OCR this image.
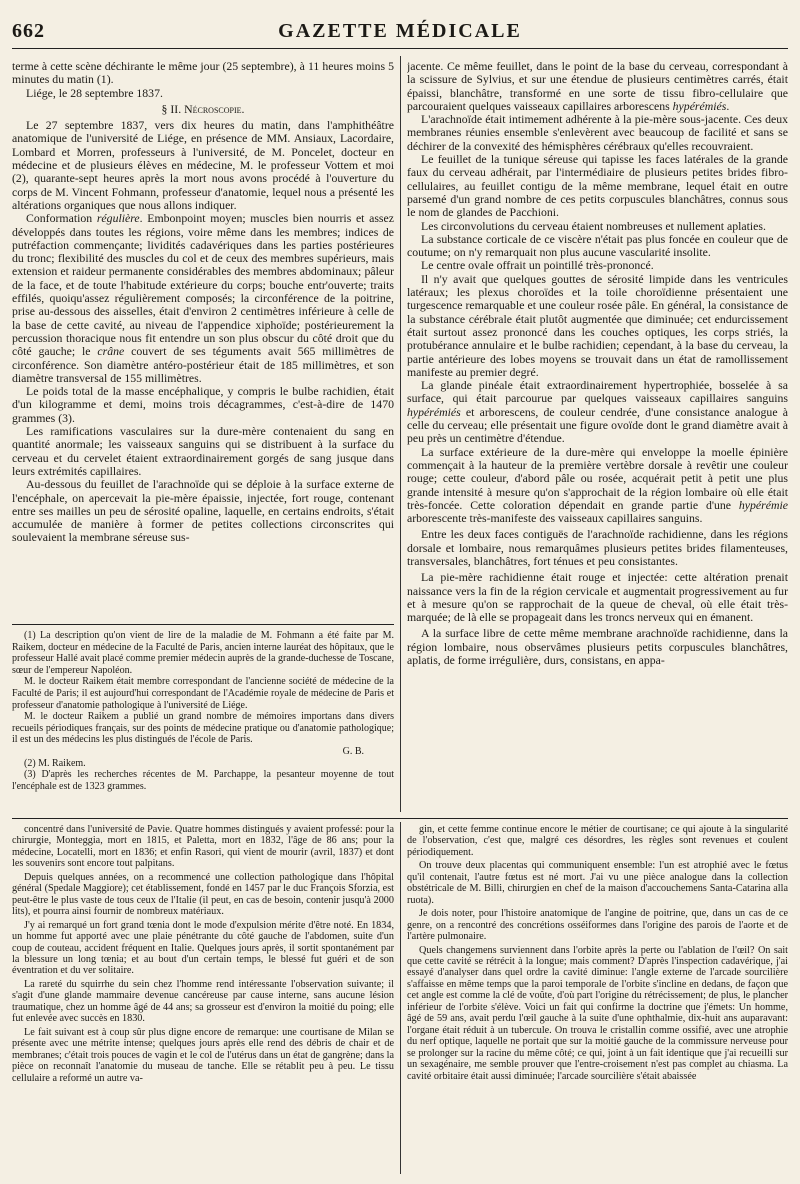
GAZETTE MÉDICALE
662

terme à cette scène déchirante le même jour (25 septembre), à 11 heures moins 5 minutes du matin (1).

Liége, le 28 septembre 1837.

§ II. Nécroscopie.

Le 27 septembre 1837, vers dix heures du matin, dans l'amphithéâtre anatomique de l'université de Liége, en présence de MM. Ansiaux, Lacordaire, Lombard et Morren, professeurs à l'université, de M. Poncelet, docteur en médecine et de plusieurs élèves en médecine, M. le professeur Vottem et moi (2), quarante-sept heures après la mort nous avons procédé à l'ouverture du corps de M. Vincent Fohmann, professeur d'anatomie, lequel nous a présenté les altérations organiques que nous allons indiquer.

Conformation régulière. Embonpoint moyen; muscles bien nourris et assez développés dans toutes les régions, voire même dans les membres; indices de putréfaction commençante; lividités cadavériques dans les parties postérieures du tronc; flexibilité des muscles du col et de ceux des membres supérieurs, mais extension et raideur permanente considérables des membres abdominaux; pâleur de la face, et de toute l'habitude extérieure du corps; bouche entr'ouverte; traits effilés, quoiqu'assez régulièrement composés; la circonférence de la poitrine, prise au-dessous des aisselles, était d'environ 2 centimètres inférieure à celle de la base de cette cavité, au niveau de l'appendice xiphoïde; postérieurement la percussion thoracique nous fit entendre un son plus obscur du côté droit que du côté gauche; le crâne couvert de ses téguments avait 565 millimètres de circonférence. Son diamètre antéro-postérieur était de 185 millimètres, et son diamètre transversal de 155 millimètres.

Le poids total de la masse encéphalique, y compris le bulbe rachidien, était d'un kilogramme et demi, moins trois décagrammes, c'est-à-dire de 1470 grammes (3).

Les ramifications vasculaires sur la dure-mère contenaient du sang en quantité anormale; les vaisseaux sanguins qui se distribuent à la surface du cerveau et du cervelet étaient extraordinairement gorgés de sang jusque dans leurs extrémités capillaires.

Au-dessous du feuillet de l'arachnoïde qui se déploie à la surface externe de l'encéphale, on apercevait la pie-mère épaissie, injectée, fort rouge, contenant entre ses mailles un peu de sérosité opaline, laquelle, en certains endroits, s'était accumulée de manière à former de petites collections circonscrites qui soulevaient la membrane séreuse sus-

(1) La description qu'on vient de lire de la maladie de M. Fohmann a été faite par M. Raikem, docteur en médecine de la Faculté de Paris, ancien interne lauréat des hôpitaux, que le professeur Hallé avait placé comme premier médecin auprès de la grande-duchesse de Toscane, sœur de l'empereur Napoléon.

M. le docteur Raikem était membre correspondant de l'ancienne société de médecine de la Faculté de Paris; il est aujourd'hui correspondant de l'Académie royale de médecine de Paris et professeur d'anatomie pathologique à l'université de Liége.

M. le docteur Raikem a publié un grand nombre de mémoires importans dans divers recueils périodiques français, sur des points de médecine pratique ou d'anatomie pathologique; il est un des médecins les plus distingués de l'école de Paris.

G. B.

(2) M. Raikem.

(3) D'après les recherches récentes de M. Parchappe, la pesanteur moyenne de tout l'encéphale est de 1323 grammes.

jacente. Ce même feuillet, dans le point de la base du cerveau, correspondant à la scissure de Sylvius, et sur une étendue de plusieurs centimètres carrés, était épaissi, blanchâtre, transformé en une sorte de tissu fibro-cellulaire que parcouraient quelques vaisseaux capillaires arborescens hypérémiés.

L'arachnoïde était intimement adhérente à la pie-mère sous-jacente. Ces deux membranes réunies ensemble s'enlevèrent avec beaucoup de facilité et sans se déchirer de la convexité des hémisphères cérébraux qu'elles recouvraient.

Le feuillet de la tunique séreuse qui tapisse les faces latérales de la grande faux du cerveau adhérait, par l'intermédiaire de plusieurs petites brides fibro-cellulaires, au feuillet contigu de la même membrane, lequel était en outre parsemé d'un grand nombre de ces petits corpuscules blanchâtres, connus sous le nom de glandes de Pacchioni.

Les circonvolutions du cerveau étaient nombreuses et nullement aplaties.

La substance corticale de ce viscère n'était pas plus foncée en couleur que de coutume; on n'y remarquait non plus aucune vascularité insolite.

Le centre ovale offrait un pointillé très-prononcé.

Il n'y avait que quelques gouttes de sérosité limpide dans les ventricules latéraux; les plexus choroïdes et la toile choroïdienne présentaient une turgescence remarquable et une couleur rosée pâle. En général, la consistance de la substance cérébrale était plutôt augmentée que diminuée; cet endurcissement était surtout assez prononcé dans les couches optiques, les corps striés, la protubérance annulaire et le bulbe rachidien; cependant, à la base du cerveau, la partie antérieure des lobes moyens se trouvait dans un état de ramollissement manifeste au premier degré.

La glande pinéale était extraordinairement hypertrophiée, bosselée à sa surface, qui était parcourue par quelques vaisseaux capillaires sanguins hypérémiés et arborescens, de couleur cendrée, d'une consistance analogue à celle du cerveau; elle présentait une figure ovoïde dont le grand diamètre avait à peu près un centimètre d'étendue.

La surface extérieure de la dure-mère qui enveloppe la moelle épinière commençait à la hauteur de la première vertèbre dorsale à revêtir une couleur rouge; cette couleur, d'abord pâle ou rosée, acquérait petit à petit une plus grande intensité à mesure qu'on s'approchait de la région lombaire où elle était très-foncée. Cette coloration dépendait en grande partie d'une hypérémie arborescente très-manifeste des vaisseaux capillaires sanguins.

Entre les deux faces contiguës de l'arachnoïde rachidienne, dans les régions dorsale et lombaire, nous remarquâmes plusieurs petites brides filamenteuses, transversales, blanchâtres, fort ténues et peu consistantes.

La pie-mère rachidienne était rouge et injectée: cette altération prenait naissance vers la fin de la région cervicale et augmentait progressivement au fur et à mesure qu'on se rapprochait de la queue de cheval, où elle était très-marquée; de là elle se propageait dans les troncs nerveux qui en émanent.

A la surface libre de cette même membrane arachnoïde rachidienne, dans la région lombaire, nous observâmes plusieurs petits corpuscules blanchâtres, aplatis, de forme irrégulière, durs, consistans, en appa-

concentré dans l'université de Pavie. Quatre hommes distingués y avaient professé: pour la chirurgie, Monteggia, mort en 1815, et Paletta, mort en 1832, l'âge de 86 ans; pour la médecine, Locatelli, mort en 1836; et enfin Rasori, qui vient de mourir (avril, 1837) et dont les souvenirs sont encore tout palpitans.

Depuis quelques années, on a recommencé une collection pathologique dans l'hôpital général (Spedale Maggiore); cet établissement, fondé en 1457 par le duc François Sforzia, est peut-être le plus vaste de tous ceux de l'Italie (il peut, en cas de besoin, contenir jusqu'à 2000 lits), et pourra ainsi fournir de nombreux matériaux.

J'y ai remarqué un fort grand tœnia dont le mode d'expulsion mérite d'être noté. En 1834, un homme fut apporté avec une plaie pénétrante du côté gauche de l'abdomen, suite d'un coup de couteau, accident fréquent en Italie. Quelques jours après, il sortit spontanément par la blessure un long tœnia; et au bout d'un certain temps, le blessé fut guéri et de son éventration et du ver solitaire.

La rareté du squirrhe du sein chez l'homme rend intéressante l'observation suivante; il s'agit d'une glande mammaire devenue cancéreuse par cause interne, sans aucune lésion traumatique, chez un homme âgé de 44 ans; sa grosseur est d'environ la moitié du poing; elle fut enlevée avec succès en 1830.

Le fait suivant est à coup sûr plus digne encore de remarque: une courtisane de Milan se présente avec une métrite intense; quelques jours après elle rend des débris de chair et de membranes; c'était trois pouces de vagin et le col de l'utérus dans un état de gangrène; dans la pièce on reconnaît l'anatomie du museau de tanche. Elle se rétablit peu à peu. Le tissu cellulaire a reformé un autre va-

gin, et cette femme continue encore le métier de courtisane; ce qui ajoute à la singularité de l'observation, c'est que, malgré ces désordres, les règles sont revenues et coulent périodiquement.

On trouve deux placentas qui communiquent ensemble: l'un est atrophié avec le fœtus qu'il contenait, l'autre fœtus est né mort. J'ai vu une pièce analogue dans la collection obstétricale de M. Billi, chirurgien en chef de la maison d'accouchemens Santa-Catarina alla ruota).

Je dois noter, pour l'histoire anatomique de l'angine de poitrine, que, dans un cas de ce genre, on a rencontré des concrétions osséiformes dans l'origine des parois de l'aorte et de l'artère pulmonaire.

Quels changemens surviennent dans l'orbite après la perte ou l'ablation de l'œil? On sait que cette cavité se rétrécit à la longue; mais comment? D'après l'inspection cadavérique, j'ai essayé d'analyser dans quel ordre la cavité diminue: l'angle externe de l'arcade sourcilière s'affaisse en même temps que la paroi temporale de l'orbite s'incline en dedans, de façon que cet angle est comme la clé de voûte, d'où part l'origine du rétrécissement; de plus, le plancher inférieur de l'orbite s'élève. Voici un fait qui confirme la doctrine que j'émets: Un homme, âgé de 59 ans, avait perdu l'œil gauche à la suite d'une ophthalmie, dix-huit ans auparavant: l'organe était réduit à un tubercule. On trouva le cristallin comme ossifié, avec une atrophie du nerf optique, laquelle ne portait que sur la moitié gauche de la commissure nerveuse pour se prolonger sur la racine du même côté; ce qui, joint à un fait identique que j'ai recueilli sur un sexagénaire, me semble prouver que l'entre-croisement n'est pas complet au chiasma. La cavité orbitaire était aussi diminuée; l'arcade sourcilière s'était abaissée
